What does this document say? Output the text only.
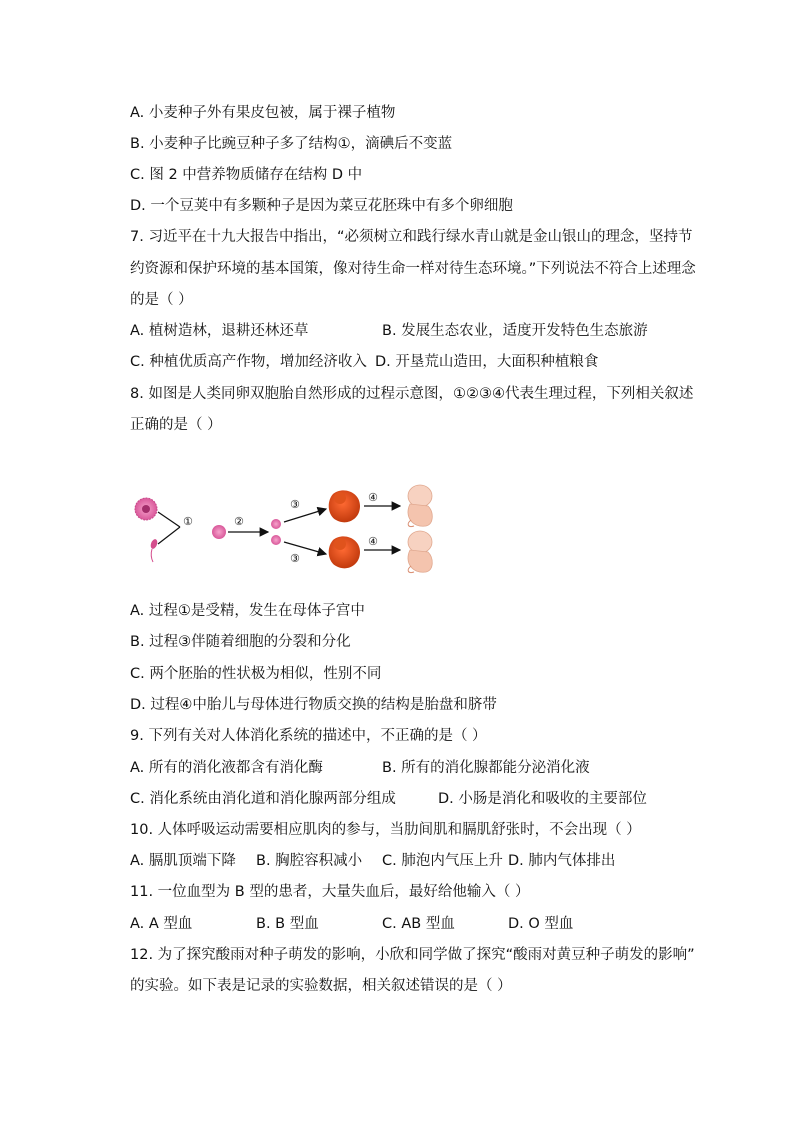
A. 小麦种子外有果皮包被，属于裸子植物
B. 小麦种子比豌豆种子多了结构①，滴碘后不变蓝
C. 图 2 中营养物质储存在结构 D 中
D. 一个豆荚中有多颗种子是因为菜豆花胚珠中有多个卵细胞
7. 习近平在十九大报告中指出，“必须树立和践行绿水青山就是金山银山的理念，坚持节
约资源和保护环境的基本国策，像对待生命一样对待生态环境。”下列说法不符合上述理念
的是（ ）
A. 植树造林，退耕还林还草	B. 发展生态农业，适度开发特色生态旅游
C. 种植优质高产作物，增加经济收入 D. 开垦荒山造田，大面积种植粮食
8. 如图是人类同卵双胞胎自然形成的过程示意图，①②③④代表生理过程，下列相关叙述
正确的是（ ）
①	②
③
③
④
④
A. 过程①是受精，发生在母体子宫中
B. 过程③伴随着细胞的分裂和分化
C. 两个胚胎的性状极为相似，性别不同
D. 过程④中胎儿与母体进行物质交换的结构是胎盘和脐带
9. 下列有关对人体消化系统的描述中，不正确的是（ ）
A. 所有的消化液都含有消化酶	B. 所有的消化腺都能分泌消化液
C. 消化系统由消化道和消化腺两部分组成	D. 小肠是消化和吸收的主要部位
10. 人体呼吸运动需要相应肌肉的参与，当肋间肌和膈肌舒张时，不会出现（ ）
A. 膈肌顶端下降 B. 胸腔容积减小 C. 肺泡内气压上升 D. 肺内气体排出
11. 一位血型为 B 型的患者，大量失血后，最好给他输入（ ）
A. A 型血	B. B 型血	C. AB 型血	D. O 型血
12. 为了探究酸雨对种子萌发的影响，小欣和同学做了探究“酸雨对黄豆种子萌发的影响”
的实验。如下表是记录的实验数据，相关叙述错误的是（ ）
